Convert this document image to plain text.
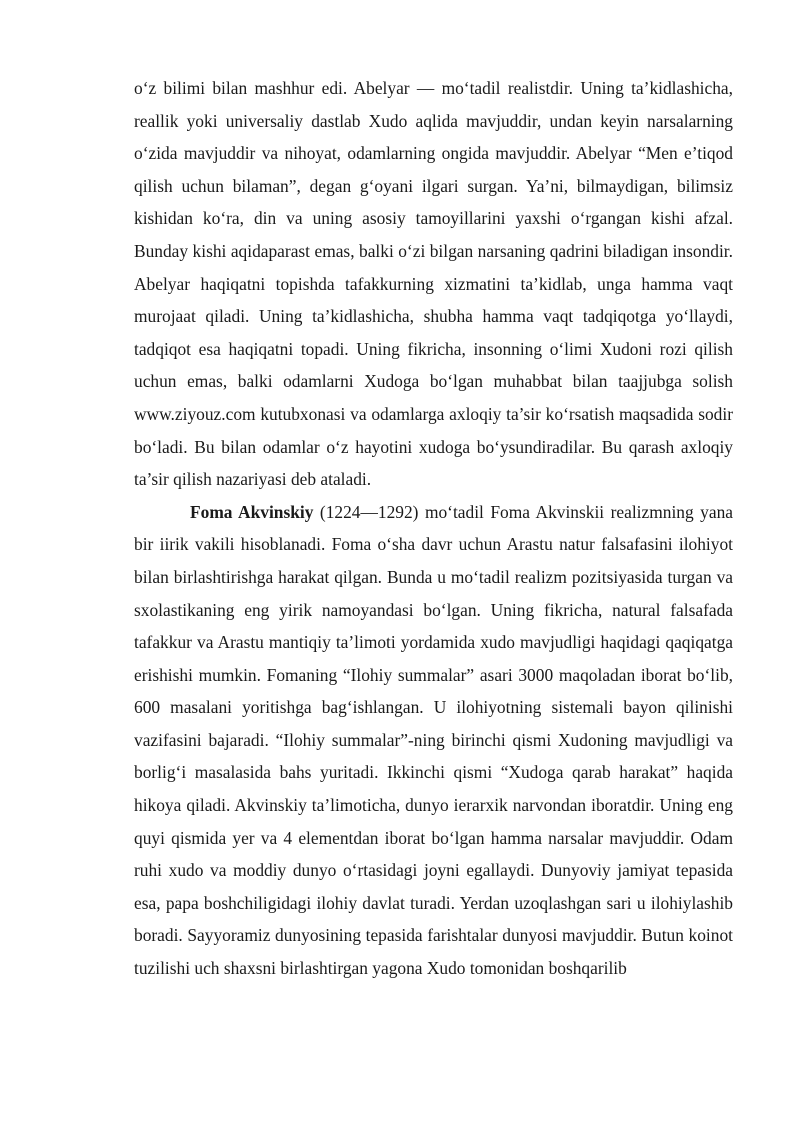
o‘z bilimi bilan mashhur edi. Abelyar — mo‘tadil realistdir. Uning ta’kidlashicha, reallik yoki universaliy dastlab Xudo aqlida mavjuddir, undan keyin narsalarning o‘zida mavjuddir va nihoyat, odamlarning ongida mavjuddir. Abelyar “Men e’tiqod qilish uchun bilaman”, degan g‘oyani ilgari surgan. Ya’ni, bilmaydigan, bilimsiz kishidan ko‘ra, din va uning asosiy tamoyillarini yaxshi o‘rgangan kishi afzal. Bunday kishi aqidaparast emas, balki o‘zi bilgan narsaning qadrini biladigan insondir. Abelyar haqiqatni topishda tafakkurning xizmatini ta’kidlab, unga hamma vaqt murojaat qiladi. Uning ta’kidlashicha, shubha hamma vaqt tadqiqotga yo‘llaydi, tadqiqot esa haqiqatni topadi. Uning fikricha, insonning o‘limi Xudoni rozi qilish uchun emas, balki odamlarni Xudoga bo‘lgan muhabbat bilan taajjubga solish www.ziyouz.com kutubxonasi va odamlarga axloqiy ta’sir ko‘rsatish maqsadida sodir bo‘ladi. Bu bilan odamlar o‘z hayotini xudoga bo‘ysundiradilar. Bu qarash axloqiy ta’sir qilish nazariyasi deb ataladi.

Foma Akvinskiy (1224—1292) mo‘tadil Foma Akvinskii realizmning yana bir iirik vakili hisoblanadi. Foma o‘sha davr uchun Arastu natur falsafasini ilohiyot bilan birlashtirishga harakat qilgan. Bunda u mo‘tadil realizm pozitsiyasida turgan va sxolastikaning eng yirik namoyandasi bo‘lgan. Uning fikricha, natural falsafada tafakkur va Arastu mantiqiy ta’limoti yordamida xudo mavjudligi haqidagi qaqiqatga erishishi mumkin. Fomaning “Ilohiy summalar” asari 3000 maqoladan iborat bo‘lib, 600 masalani yoritishga bag‘ishlangan. U ilohiyotning sistemali bayon qilinishi vazifasini bajaradi. “Ilohiy summalar”-ning birinchi qismi Xudoning mavjudligi va borlig‘i masalasida bahs yuritadi. Ikkinchi qismi “Xudoga qarab harakat” haqida hikoya qiladi. Akvinskiy ta’limoticha, dunyo ierarxik narvondan iboratdir. Uning eng quyi qismida yer va 4 elementdan iborat bo‘lgan hamma narsalar mavjuddir. Odam ruhi xudo va moddiy dunyo o‘rtasidagi joyni egallaydi. Dunyoviy jamiyat tepasida esa, papa boshchiligidagi ilohiy davlat turadi. Yerdan uzoqlashgan sari u ilohiylashib boradi. Sayyoramiz dunyosining tepasida farishtalar dunyosi mavjuddir. Butun koinot tuzilishi uch shaxsni birlashtirgan yagona Xudo tomonidan boshqarilib
